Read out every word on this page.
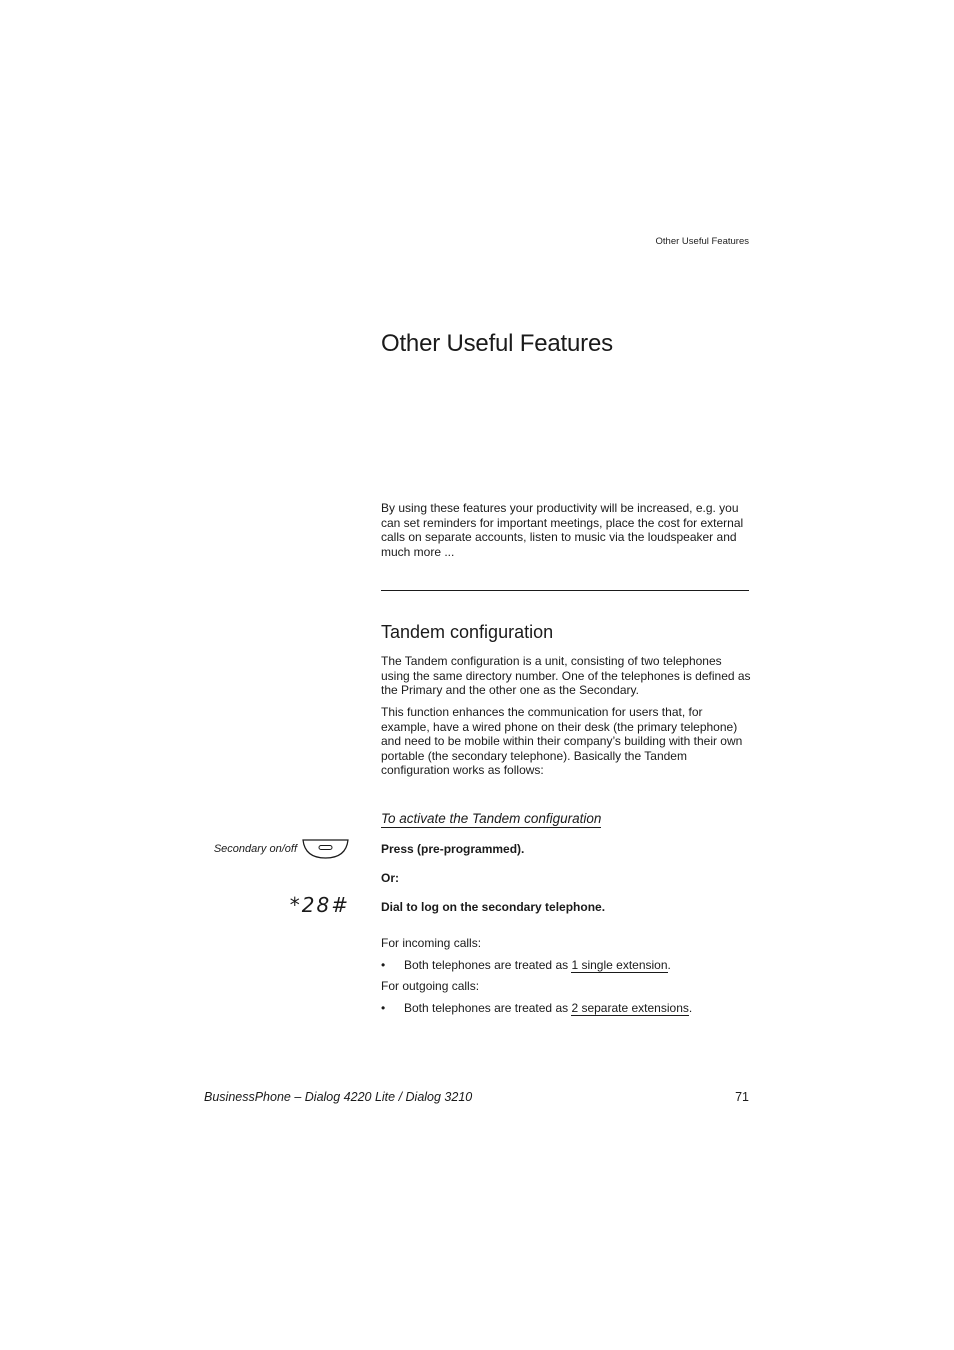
Other Useful Features
Other Useful Features

By using these features your productivity will be increased, e.g. you can set reminders for important meetings, place the cost for external calls on separate accounts, listen to music via the loudspeaker and much more ...

Tandem configuration

The Tandem configuration is a unit, consisting of two telephones using the same directory number. One of the telephones is defined as the Primary and the other one as the Secondary.

This function enhances the communication for users that, for example, have a wired phone on their desk (the primary telephone) and need to be mobile within their company’s building with their own portable (the secondary telephone). Basically the Tandem configuration works as follows:

To activate the Tandem configuration
Secondary on/off	Press (pre-programmed).

Or:

*28#	Dial to log on the secondary telephone.

For incoming calls:

• Both telephones are treated as 1 single extension.

For outgoing calls:

• Both telephones are treated as 2 separate extensions.
BusinessPhone – Dialog 4220 Lite / Dialog 3210	71
